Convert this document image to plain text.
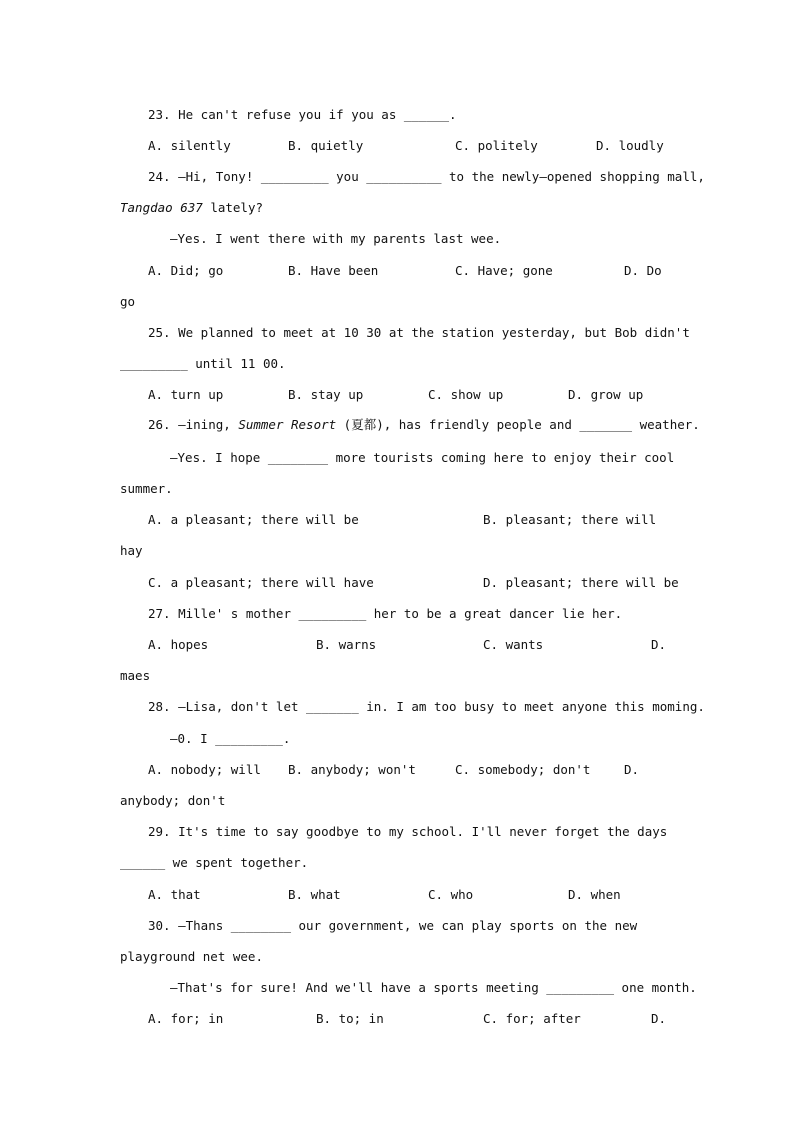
23. He can't refuse you if you as ______.
A. silently	B. quietly	C. politely	D. loudly
24. —Hi, Tony! _________ you __________ to the newly—opened shopping mall,
Tangdao 637 lately?
—Yes. I went there with my parents last wee.
A. Did; go	B. Have been	C. Have; gone	D. Do
go
25. We planned to meet at 10 30 at the station yesterday, but Bob didn't
_________ until 11 00.
A. turn up	B. stay up	C. show up	D. grow up
26. —ining, Summer Resort (夏都), has friendly people and _______ weather.
—Yes. I hope ________ more tourists coming here to enjoy their cool
summer.
A. a pleasant; there will be	B. pleasant; there will
hay
C. a pleasant; there will have	D. pleasant; there will be
27. Mille' s mother _________ her to be a great dancer lie her.
A. hopes	B. warns	C. wants	D.
maes
28. —Lisa, don't let _______ in. I am too busy to meet anyone this moming.
—0. I _________.
A. nobody; will B. anybody; won't	C. somebody; don't	D.
anybody; don't
29. It's time to say goodbye to my school. I'll never forget the days
______ we spent together.
A. that	B. what	C. who	D. when
30. —Thans ________ our government, we can play sports on the new
playground net wee.
—That's for sure! And we'll have a sports meeting _________ one month.
A. for; in	B. to; in	C. for; after	D.
